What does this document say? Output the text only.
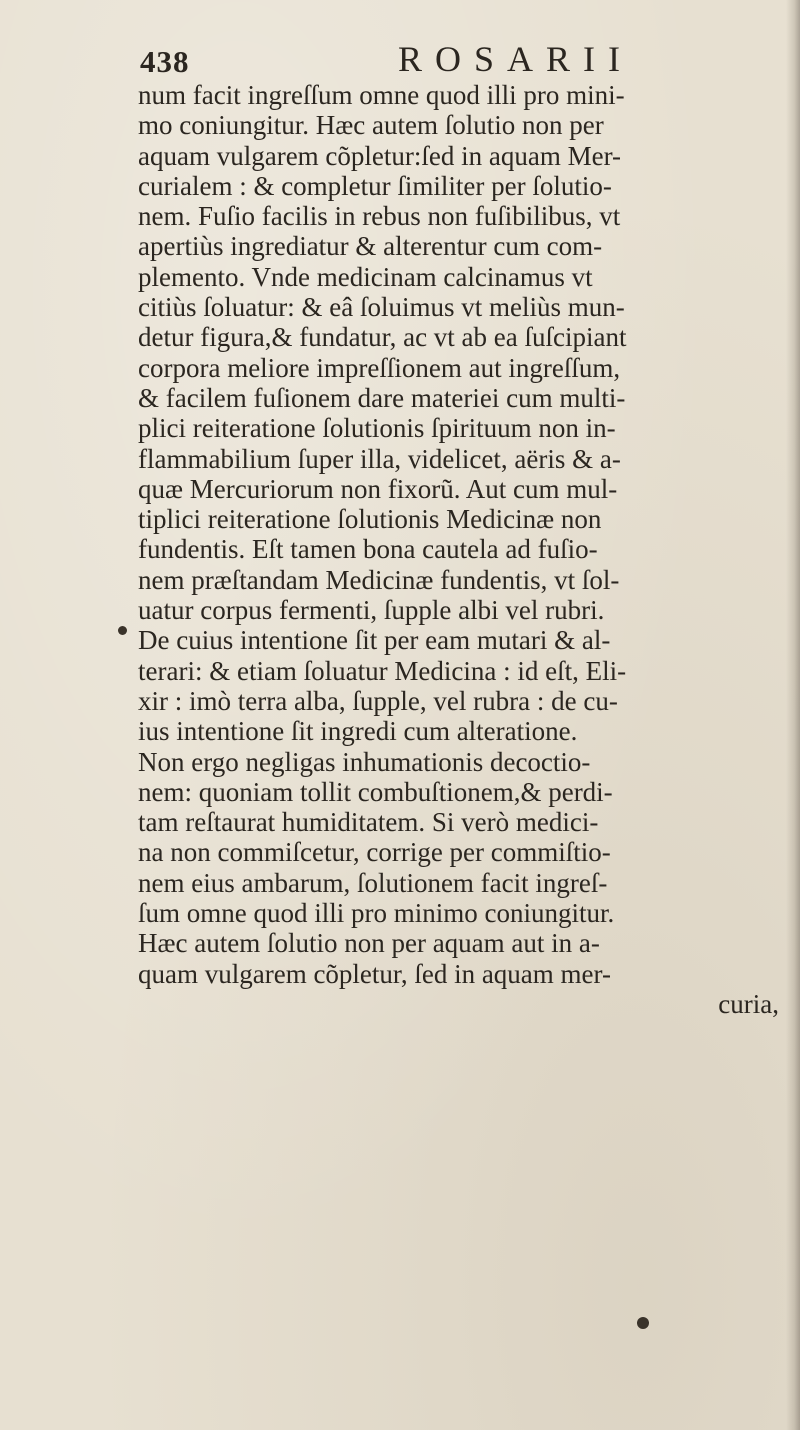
438	ROSARII
num facit ingreſſum omne quod illi pro mini-
mo coniungitur. Hæc autem ſolutio non per
aquam vulgarem cõpletur:ſed in aquam Mer-
curialem : & completur ſimiliter per ſolutio-
nem. Fuſio facilis in rebus non fuſibilibus, vt
apertiùs ingrediatur & alterentur cum com-
plemento. Vnde medicinam calcinamus vt
citiùs ſoluatur: & eâ ſoluimus vt meliùs mun-
detur figura,& fundatur, ac vt ab ea ſuſcipiant
corpora meliore impreſſionem aut ingreſſum,
& facilem fuſionem dare materiei cum multi-
plici reiteratione ſolutionis ſpirituum non in-
flammabilium ſuper illa, videlicet, aëris & a-
quæ Mercuriorum non fixorũ. Aut cum mul-
tiplici reiteratione ſolutionis Medicinæ non
fundentis. Eſt tamen bona cautela ad fuſio-
nem præſtandam Medicinæ fundentis, vt ſol-
uatur corpus fermenti, ſupple albi vel rubri.
De cuius intentione ſit per eam mutari & al-
terari: & etiam ſoluatur Medicina : id eſt, Eli-
xir : imò terra alba, ſupple, vel rubra : de cu-
ius intentione ſit ingredi cum alteratione.
Non ergo negligas inhumationis decoctio-
nem: quoniam tollit combuſtionem,& perdi-
tam reſtaurat humiditatem. Si verò medici-
na non commiſcetur, corrige per commiſtio-
nem eius ambarum, ſolutionem facit ingreſ-
ſum omne quod illi pro minimo coniungitur.
Hæc autem ſolutio non per aquam aut in a-
quam vulgarem cõpletur, ſed in aquam mer-
curia,
